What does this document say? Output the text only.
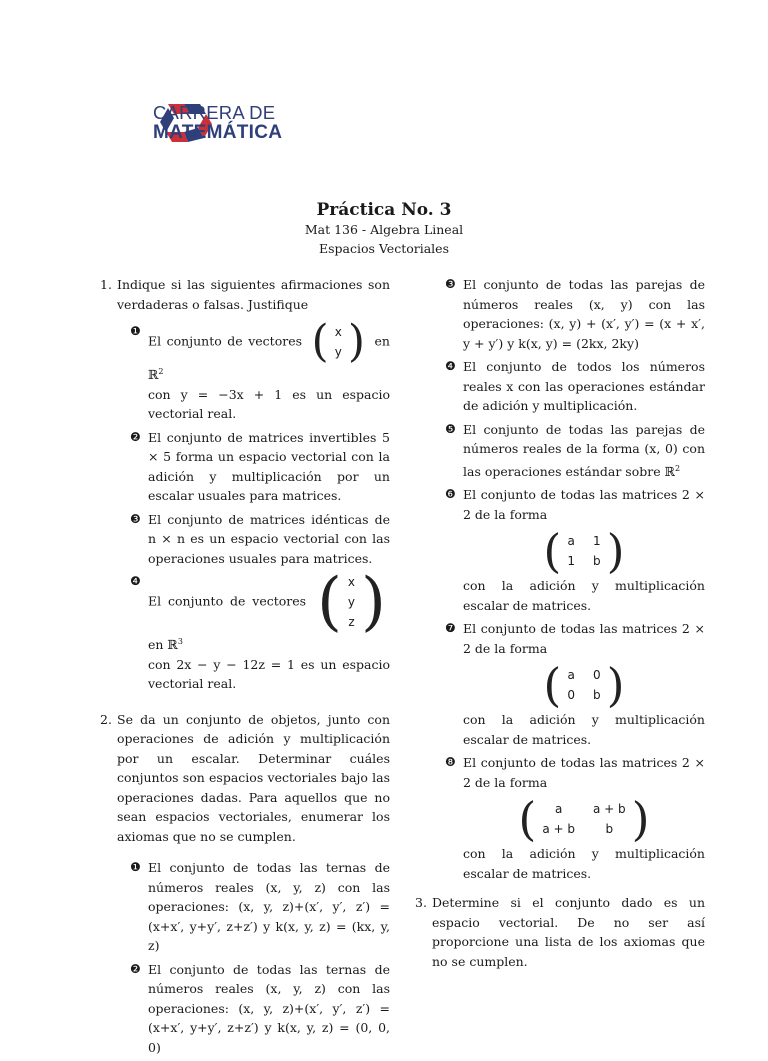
CARRERA DE
MATEMÁTICA
Práctica No. 3
Mat 136 - Algebra Lineal
Espacios Vectoriales
1. Indique si las siguientes afirmaciones son verdaderas o falsas. Justifique
❶
El conjunto de vectores ( x
y ) en ℝ$^2$
con y = −3x + 1 es un espacio vectorial real.
❷ El conjunto de matrices invertibles 5 × 5 forma un espacio vectorial con la adición y multiplicación por un escalar usuales para matrices.
❸ El conjunto de matrices idénticas de n × n es un espacio vectorial con las operaciones usuales para matrices.
❹
El conjunto de vectores ( x
y
z )
en ℝ$^3$
con 2x − y − 12z = 1 es un espacio vectorial real.
2. Se da un conjunto de objetos, junto con operaciones de adición y multiplicación por un escalar. Determinar cuáles conjuntos son espacios vectoriales bajo las operaciones dadas. Para aquellos que no sean espacios vectoriales, enumerar los axiomas que no se cumplen.
❶ El conjunto de todas las ternas de números reales (x, y, z) con las operaciones: (x, y, z)+(x′, y′, z′) = (x+x′, y+y′, z+z′) y k(x, y, z) = (kx, y, z)
❷ El conjunto de todas las ternas de números reales (x, y, z) con las operaciones: (x, y, z)+(x′, y′, z′) = (x+x′, y+y′, z+z′) y k(x, y, z) = (0, 0, 0)
❸ El conjunto de todas las parejas de números reales (x, y) con las operaciones: (x, y) + (x′, y′) = (x + x′, y + y′) y k(x, y) = (2kx, 2ky)
❹ El conjunto de todos los números reales x con las operaciones estándar de adición y multiplicación.
❺ El conjunto de todas las parejas de números reales de la forma (x, 0) con las operaciones estándar sobre ℝ$^2$
❻ El conjunto de todas las matrices 2 × 2 de la forma
( a 1
1 b )
con la adición y multiplicación escalar de matrices.
❼ El conjunto de todas las matrices 2 × 2 de la forma
( a 0
0 b )
con la adición y multiplicación escalar de matrices.
❽ El conjunto de todas las matrices 2 × 2 de la forma
(	a	a + b
a + b	b )
con la adición y multiplicación escalar de matrices.
3. Determine si el conjunto dado es un espacio vectorial. De no ser así proporcione una lista de los axiomas que no se cumplen.
